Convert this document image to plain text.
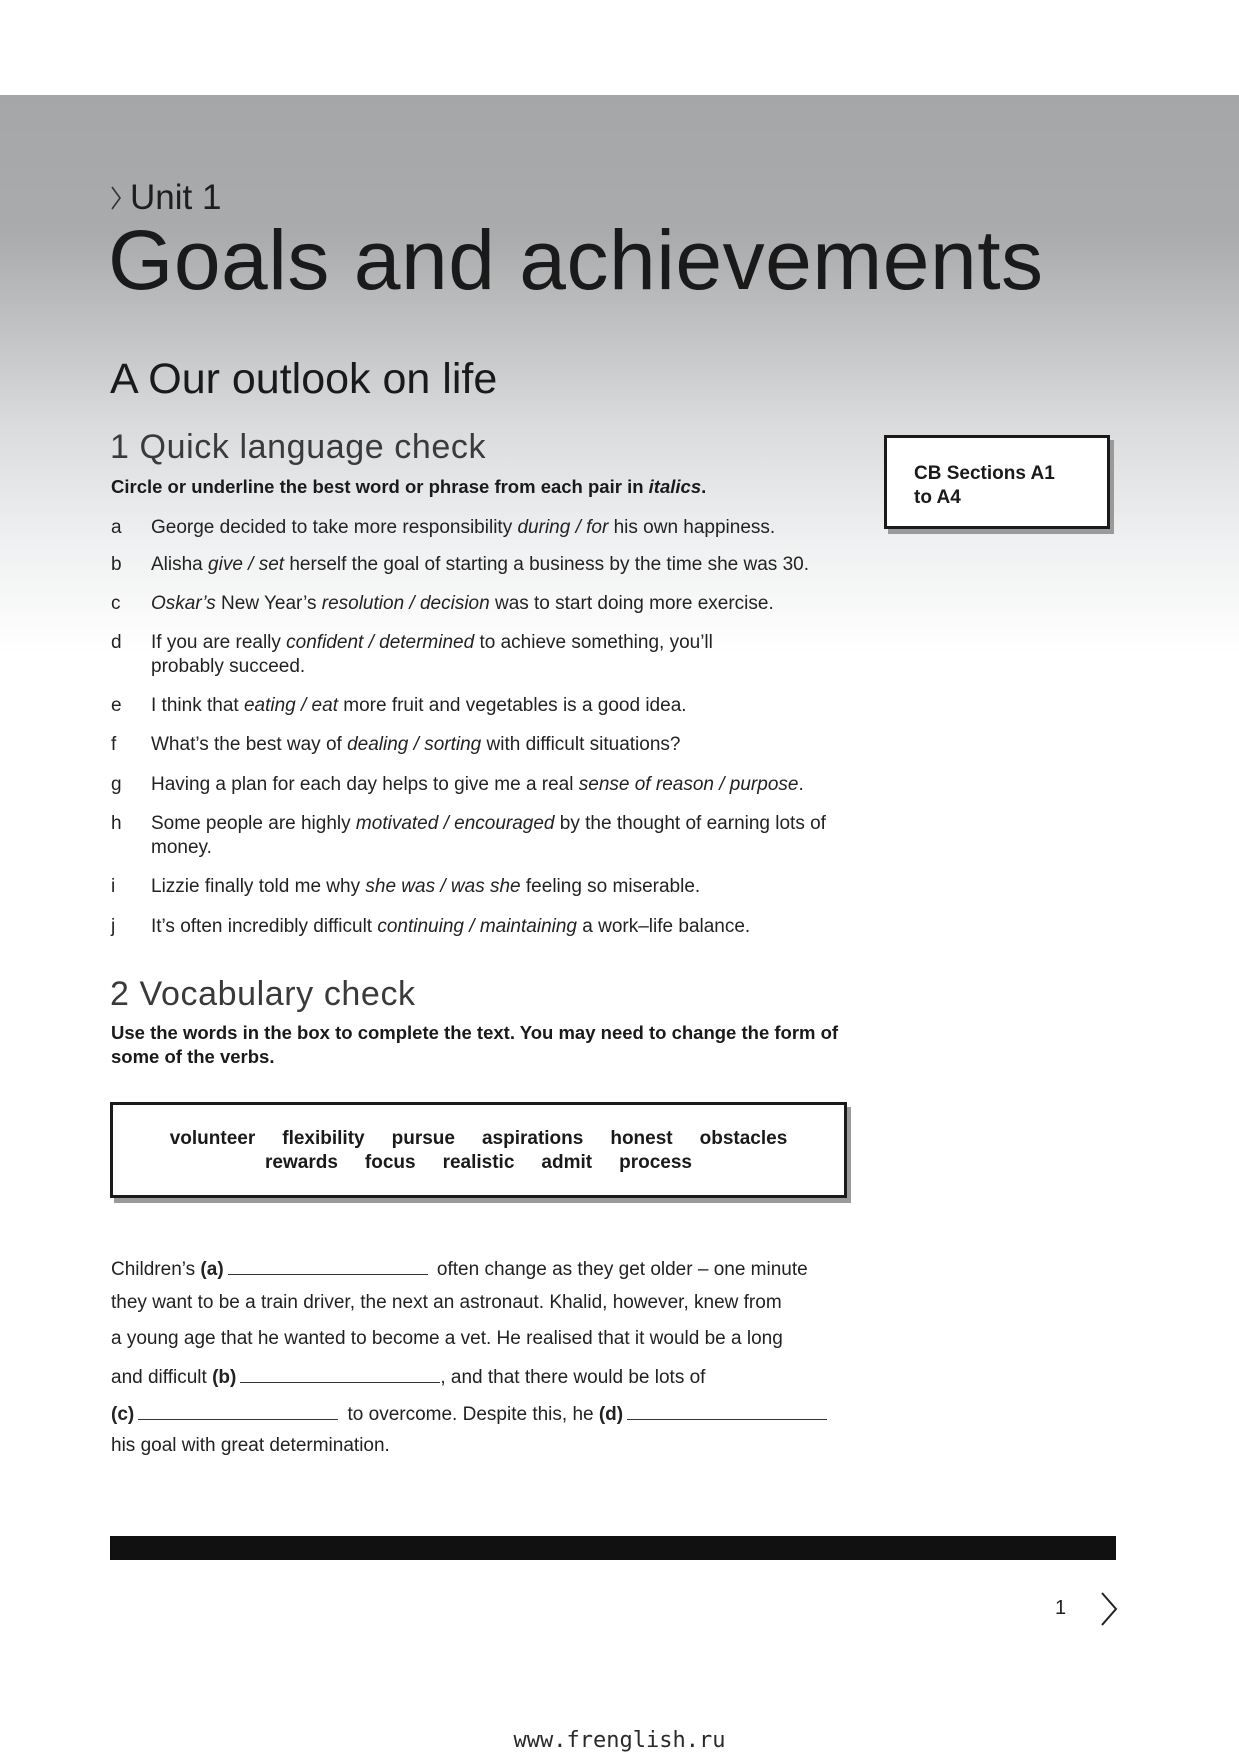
Unit 1
Goals and achievements
A Our outlook on life
1 Quick language check

Circle or underline the best word or phrase from each pair in italics.

CB Sections A1 to A4
a	George decided to take more responsibility during / for his own happiness.
b	Alisha give / set herself the goal of starting a business by the time she was 30.
c	Oskar’s New Year’s resolution / decision was to start doing more exercise.
d	If you are really confident / determined to achieve something, you’ll probably succeed.
e	I think that eating / eat more fruit and vegetables is a good idea.
f	What’s the best way of dealing / sorting with difficult situations?
g	Having a plan for each day helps to give me a real sense of reason / purpose.
h	Some people are highly motivated / encouraged by the thought of earning lots of money.
i	Lizzie finally told me why she was / was she feeling so miserable.
j	It’s often incredibly difficult continuing / maintaining a work–life balance.
2 Vocabulary check

Use the words in the box to complete the text. You may need to change the form of some of the verbs.

volunteer flexibility pursue aspirations honest obstacles
rewards focus realistic admit process
Children’s (a)	often change as they get older – one minute
they want to be a train driver, the next an astronaut. Khalid, however, knew from
a young age that he wanted to become a vet. He realised that it would be a long
and difficult (b)	, and that there would be lots of
(c)	to overcome. Despite this, he (d)
his goal with great determination.
1
www.frenglish.ru
